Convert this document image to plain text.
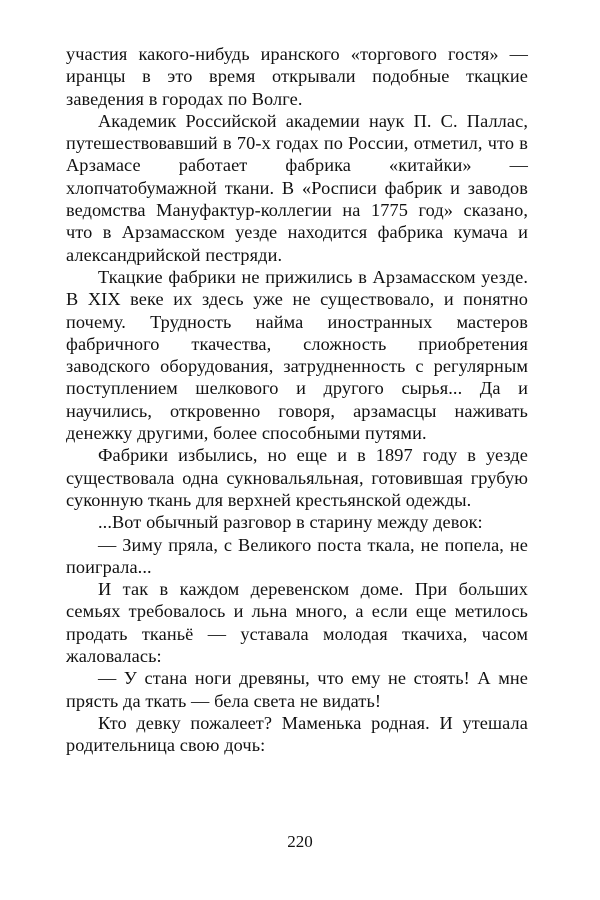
участия какого-нибудь иранского «торгового гостя» — иранцы в это время открывали подобные ткацкие заведения в городах по Волге.

Академик Российской академии наук П. С. Паллас, путешествовавший в 70-х годах по России, отметил, что в Арзамасе работает фабрика «китайки» — хлопчатобумажной ткани. В «Росписи фабрик и заводов ведомства Мануфактур-коллегии на 1775 год» сказано, что в Арзамасском уезде находится фабрика кумача и александрийской пестряди.

Ткацкие фабрики не прижились в Арзамасском уезде. В XIX веке их здесь уже не существовало, и понятно почему. Трудность найма иностранных мастеров фабричного ткачества, сложность приобретения заводского оборудования, затрудненность с регулярным поступлением шелкового и другого сырья... Да и научились, откровенно говоря, арзамасцы наживать денежку другими, более способными путями.

Фабрики избылись, но еще и в 1897 году в уезде существовала одна сукновальяльная, готовившая грубую суконную ткань для верхней крестьянской одежды.

...Вот обычный разговор в старину между девок:

— Зиму пряла, с Великого поста ткала, не попела, не поиграла...

И так в каждом деревенском доме. При больших семьях требовалось и льна много, а если еще метилось продать тканьё — уставала молодая ткачиха, часом жаловалась:

— У стана ноги древяны, что ему не стоять! А мне прясть да ткать — бела света не видать!

Кто девку пожалеет? Маменька родная. И утешала родительница свою дочь:

220
